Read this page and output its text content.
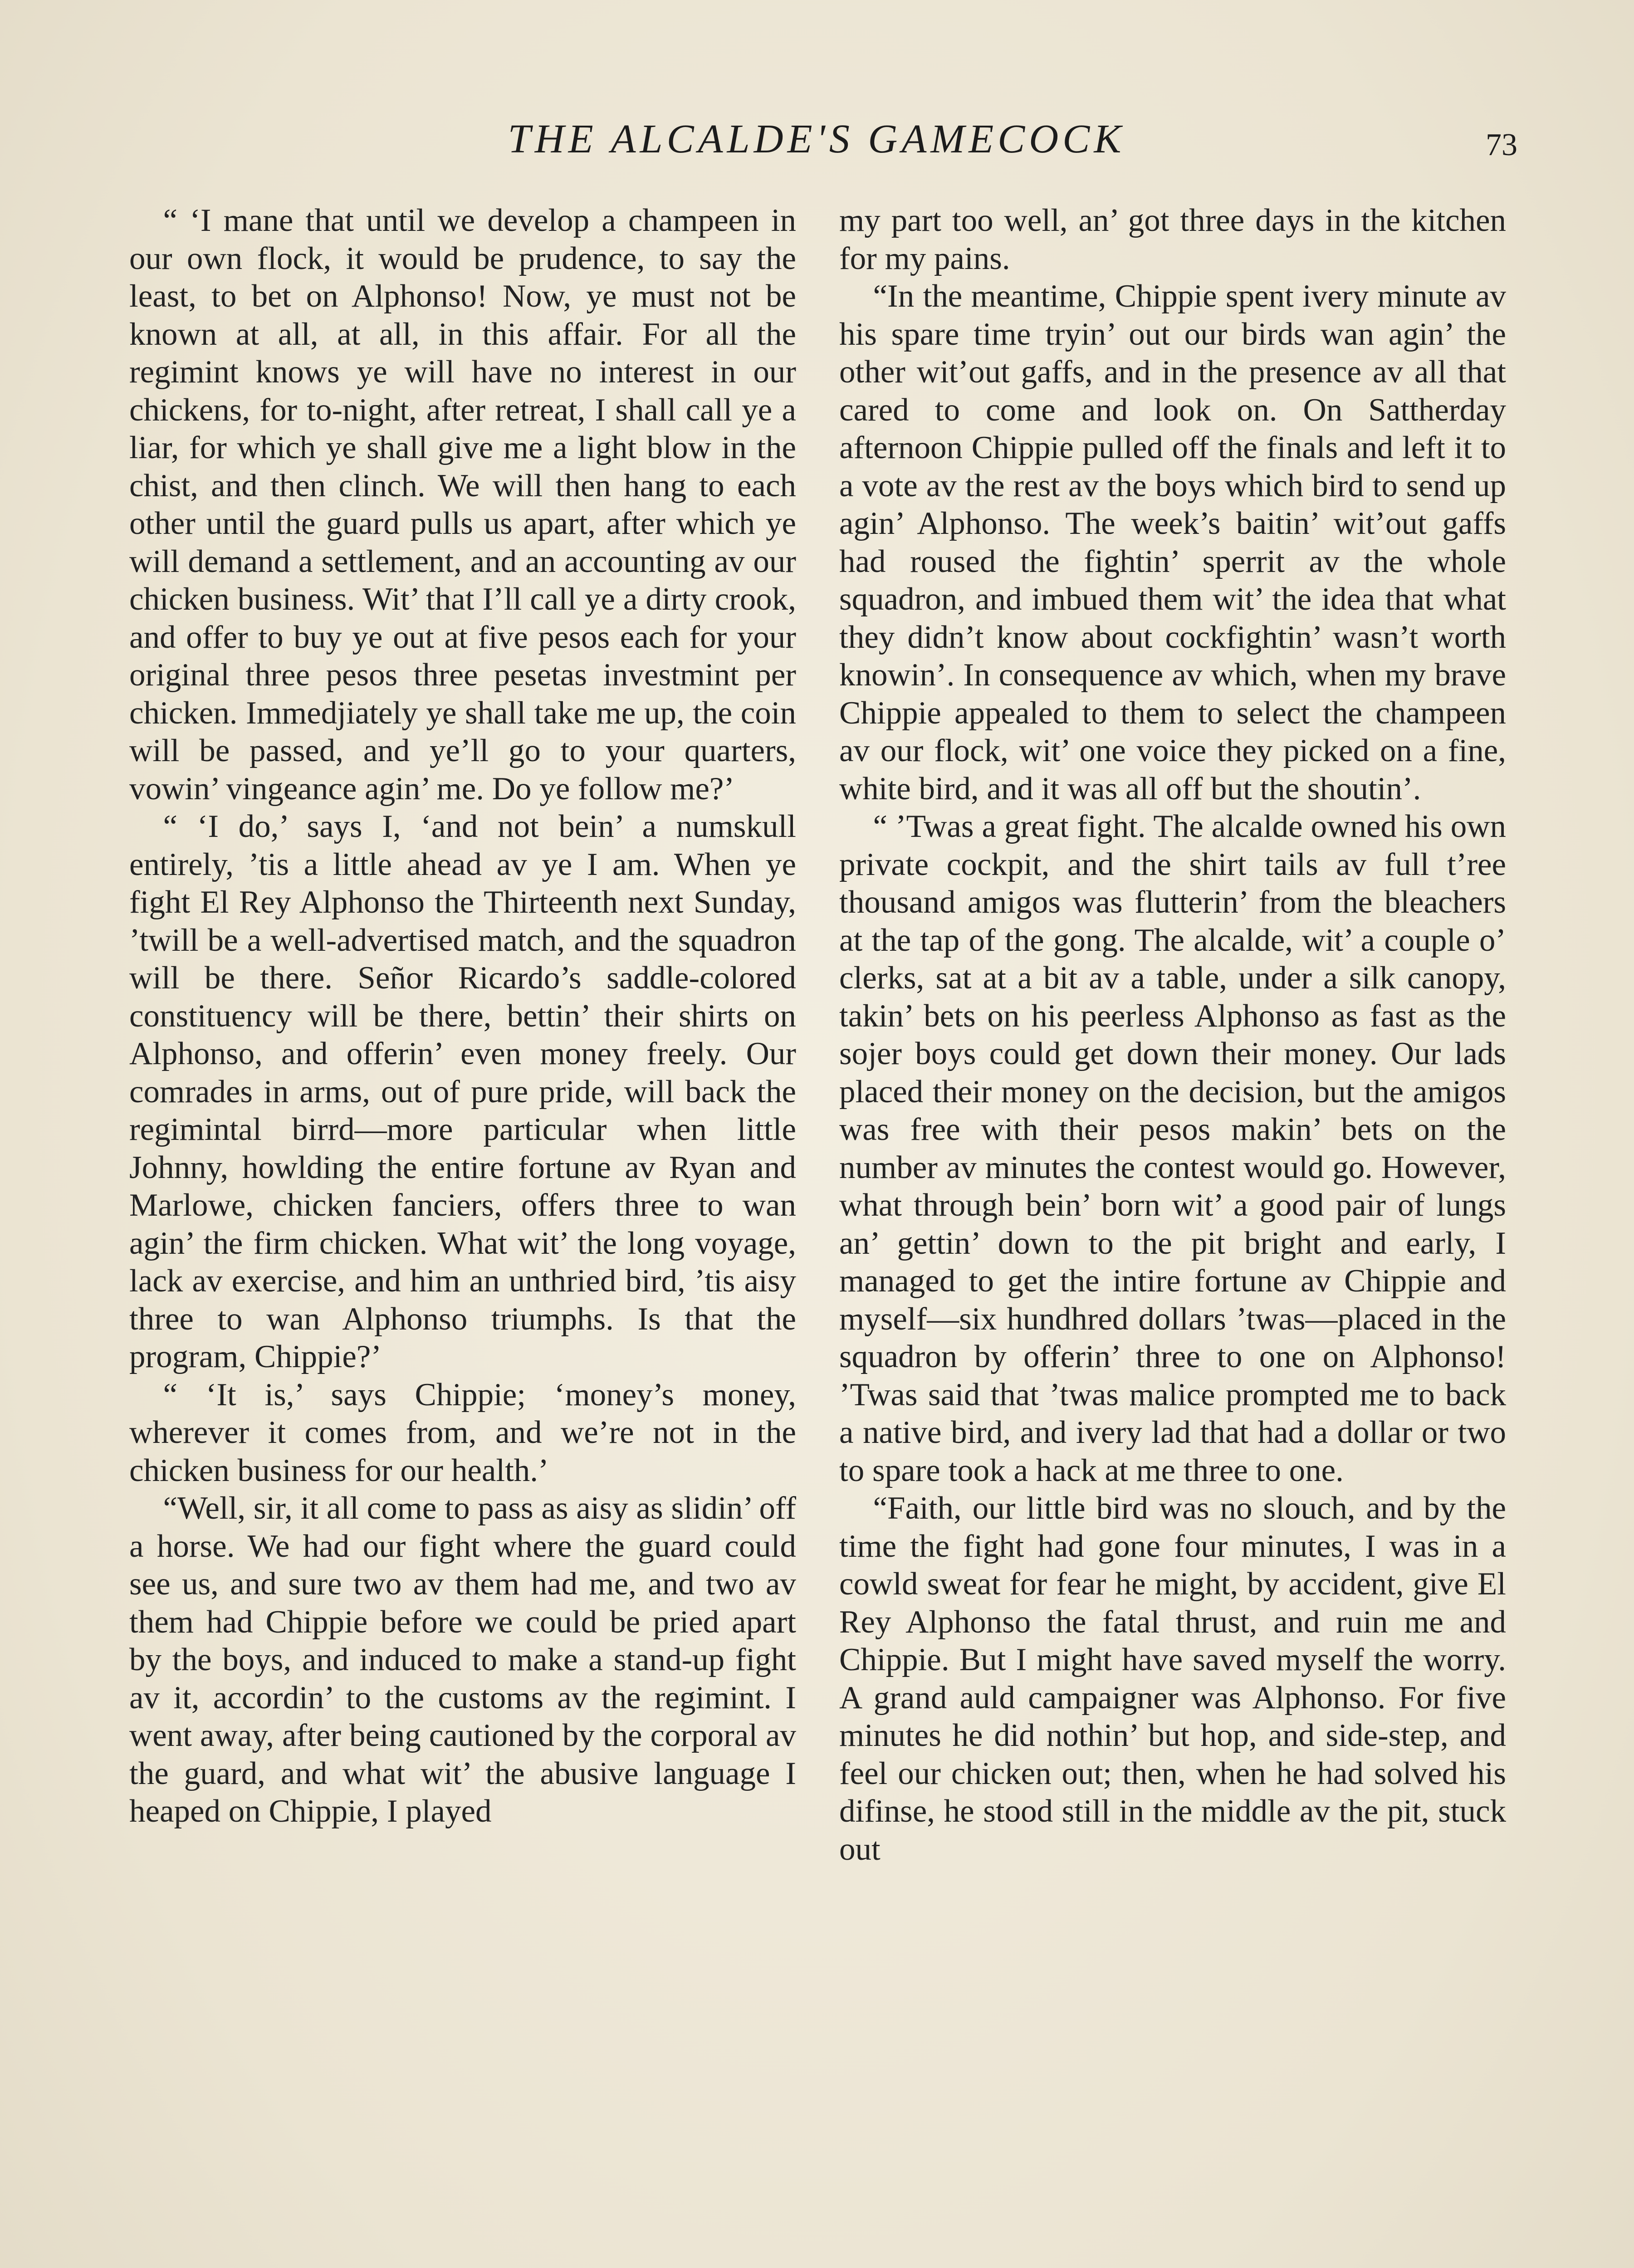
THE ALCALDE'S GAMECOCK	73

“ ‘I mane that until we develop a champeen in our own flock, it would be prudence, to say the least, to bet on Alphonso! Now, ye must not be known at all, at all, in this affair. For all the regimint knows ye will have no interest in our chickens, for to-night, after retreat, I shall call ye a liar, for which ye shall give me a light blow in the chist, and then clinch. We will then hang to each other until the guard pulls us apart, after which ye will demand a settlement, and an accounting av our chicken business. Wit’ that I’ll call ye a dirty crook, and offer to buy ye out at five pesos each for your original three pesos three pesetas investmint per chicken. Immedjiately ye shall take me up, the coin will be passed, and ye’ll go to your quarters, vowin’ vingeance agin’ me. Do ye follow me?’

“ ‘I do,’ says I, ‘and not bein’ a numskull entirely, ’tis a little ahead av ye I am. When ye fight El Rey Alphonso the Thirteenth next Sunday, ’twill be a well-advertised match, and the squadron will be there. Señor Ricardo’s saddle-colored constituency will be there, bettin’ their shirts on Alphonso, and offerin’ even money freely. Our comrades in arms, out of pure pride, will back the regimintal birrd—more particular when little Johnny, howlding the entire fortune av Ryan and Marlowe, chicken fanciers, offers three to wan agin’ the firm chicken. What wit’ the long voyage, lack av exercise, and him an unthried bird, ’tis aisy three to wan Alphonso triumphs. Is that the program, Chippie?’

“ ‘It is,’ says Chippie; ‘money’s money, wherever it comes from, and we’re not in the chicken business for our health.’

“Well, sir, it all come to pass as aisy as slidin’ off a horse. We had our fight where the guard could see us, and sure two av them had me, and two av them had Chippie before we could be pried apart by the boys, and induced to make a stand-up fight av it, accordin’ to the customs av the regimint. I went away, after being cautioned by the corporal av the guard, and what wit’ the abusive language I heaped on Chippie, I played

my part too well, an’ got three days in the kitchen for my pains.

“In the meantime, Chippie spent ivery minute av his spare time tryin’ out our birds wan agin’ the other wit’out gaffs, and in the presence av all that cared to come and look on. On Sattherday afternoon Chippie pulled off the finals and left it to a vote av the rest av the boys which bird to send up agin’ Alphonso. The week’s baitin’ wit’out gaffs had roused the fightin’ sperrit av the whole squadron, and imbued them wit’ the idea that what they didn’t know about cockfightin’ wasn’t worth knowin’. In consequence av which, when my brave Chippie appealed to them to select the champeen av our flock, wit’ one voice they picked on a fine, white bird, and it was all off but the shoutin’.

“ ’Twas a great fight. The alcalde owned his own private cockpit, and the shirt tails av full t’ree thousand amigos was flutterin’ from the bleachers at the tap of the gong. The alcalde, wit’ a couple o’ clerks, sat at a bit av a table, under a silk canopy, takin’ bets on his peerless Alphonso as fast as the sojer boys could get down their money. Our lads placed their money on the decision, but the amigos was free with their pesos makin’ bets on the number av minutes the contest would go. However, what through bein’ born wit’ a good pair of lungs an’ gettin’ down to the pit bright and early, I managed to get the intire fortune av Chippie and myself—six hundhred dollars ’twas—placed in the squadron by offerin’ three to one on Alphonso! ’Twas said that ’twas malice prompted me to back a native bird, and ivery lad that had a dollar or two to spare took a hack at me three to one.

“Faith, our little bird was no slouch, and by the time the fight had gone four minutes, I was in a cowld sweat for fear he might, by accident, give El Rey Alphonso the fatal thrust, and ruin me and Chippie. But I might have saved myself the worry. A grand auld campaigner was Alphonso. For five minutes he did nothin’ but hop, and side-step, and feel our chicken out; then, when he had solved his difinse, he stood still in the middle av the pit, stuck out
